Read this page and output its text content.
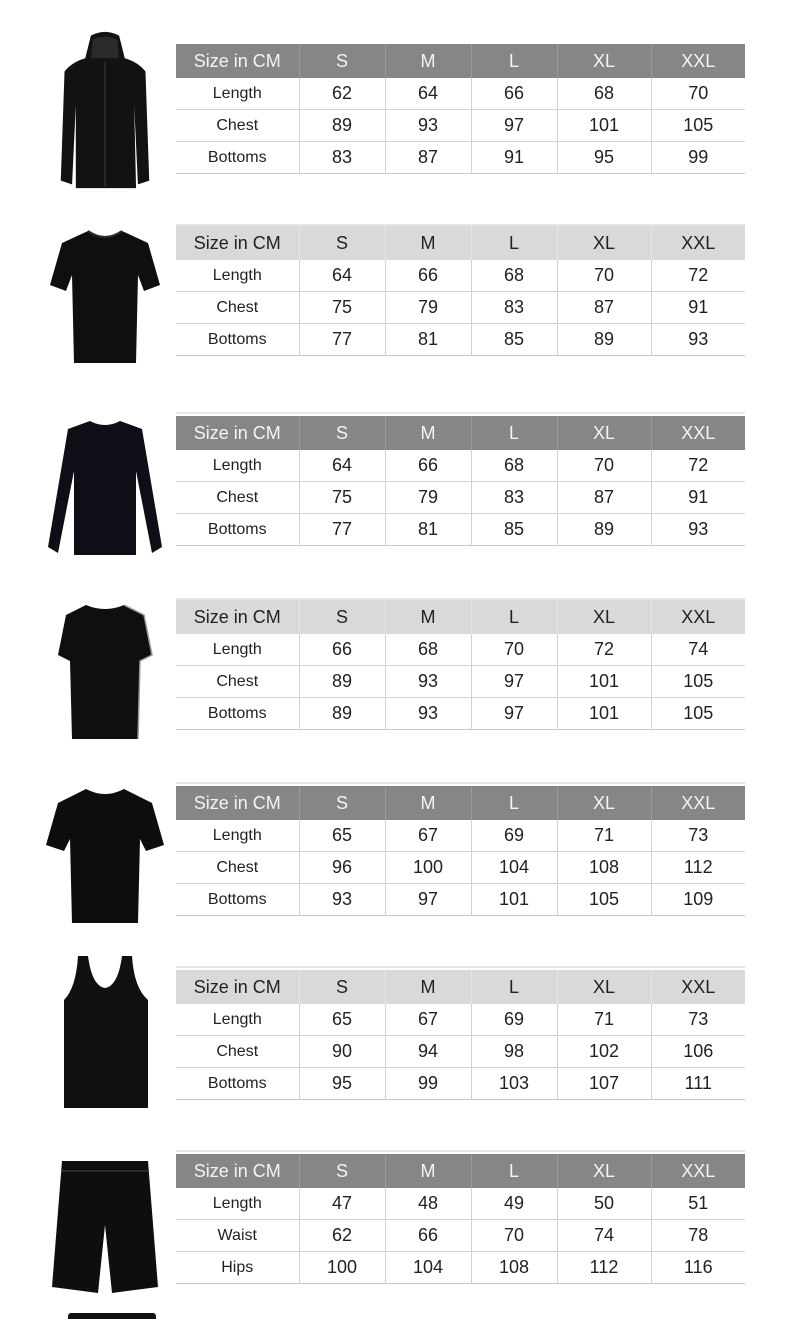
Size in CM	S	M	L	XL	XXL
Length	62	64	66	68	70
Chest	89	93	97	101	105
Bottoms	83	87	91	95	99
Size in CM	S	M	L	XL	XXL
Length	64	66	68	70	72
Chest	75	79	83	87	91
Bottoms	77	81	85	89	93
Size in CM	S	M	L	XL	XXL
Length	64	66	68	70	72
Chest	75	79	83	87	91
Bottoms	77	81	85	89	93
Size in CM	S	M	L	XL	XXL
Length	66	68	70	72	74
Chest	89	93	97	101	105
Bottoms	89	93	97	101	105
Size in CM	S	M	L	XL	XXL
Length	65	67	69	71	73
Chest	96	100	104	108	112
Bottoms	93	97	101	105	109
Size in CM	S	M	L	XL	XXL
Length	65	67	69	71	73
Chest	90	94	98	102	106
Bottoms	95	99	103	107	111
Size in CM	S	M	L	XL	XXL
Length	47	48	49	50	51
Waist	62	66	70	74	78
Hips	100	104	108	112	116
